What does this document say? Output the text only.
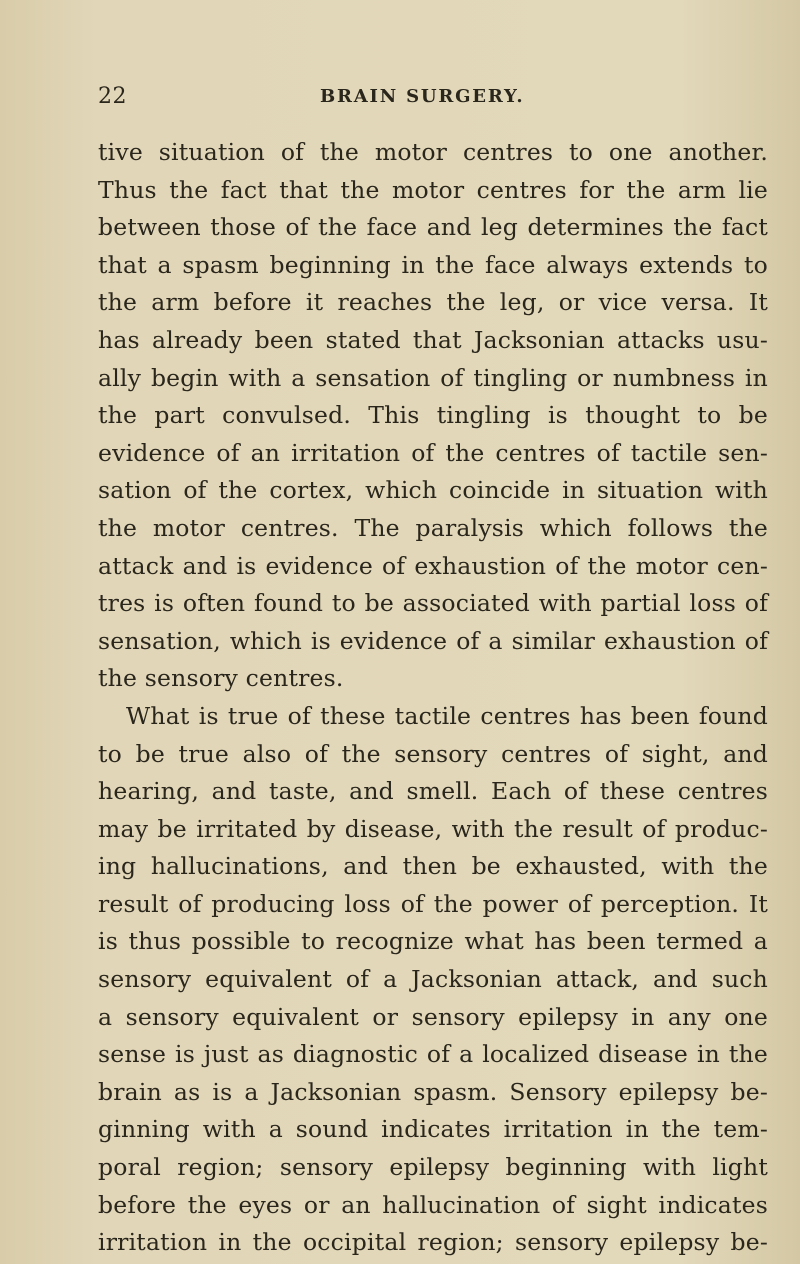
22	BRAIN SURGERY.
tive situation of the motor centres to one another.
Thus the fact that the motor centres for the arm lie
between those of the face and leg determines the fact
that a spasm beginning in the face always extends to
the arm before it reaches the leg, or vice versa. It
has already been stated that Jacksonian attacks usu-
ally begin with a sensation of tingling or numbness in
the part convulsed. This tingling is thought to be
evidence of an irritation of the centres of tactile sen-
sation of the cortex, which coincide in situation with
the motor centres. The paralysis which follows the
attack and is evidence of exhaustion of the motor cen-
tres is often found to be associated with partial loss of
sensation, which is evidence of a similar exhaustion of
the sensory centres.
What is true of these tactile centres has been found
to be true also of the sensory centres of sight, and
hearing, and taste, and smell. Each of these centres
may be irritated by disease, with the result of produc-
ing hallucinations, and then be exhausted, with the
result of producing loss of the power of perception. It
is thus possible to recognize what has been termed a
sensory equivalent of a Jacksonian attack, and such
a sensory equivalent or sensory epilepsy in any one
sense is just as diagnostic of a localized disease in the
brain as is a Jacksonian spasm. Sensory epilepsy be-
ginning with a sound indicates irritation in the tem-
poral region; sensory epilepsy beginning with light
before the eyes or an hallucination of sight indicates
irritation in the occipital region; sensory epilepsy be-
